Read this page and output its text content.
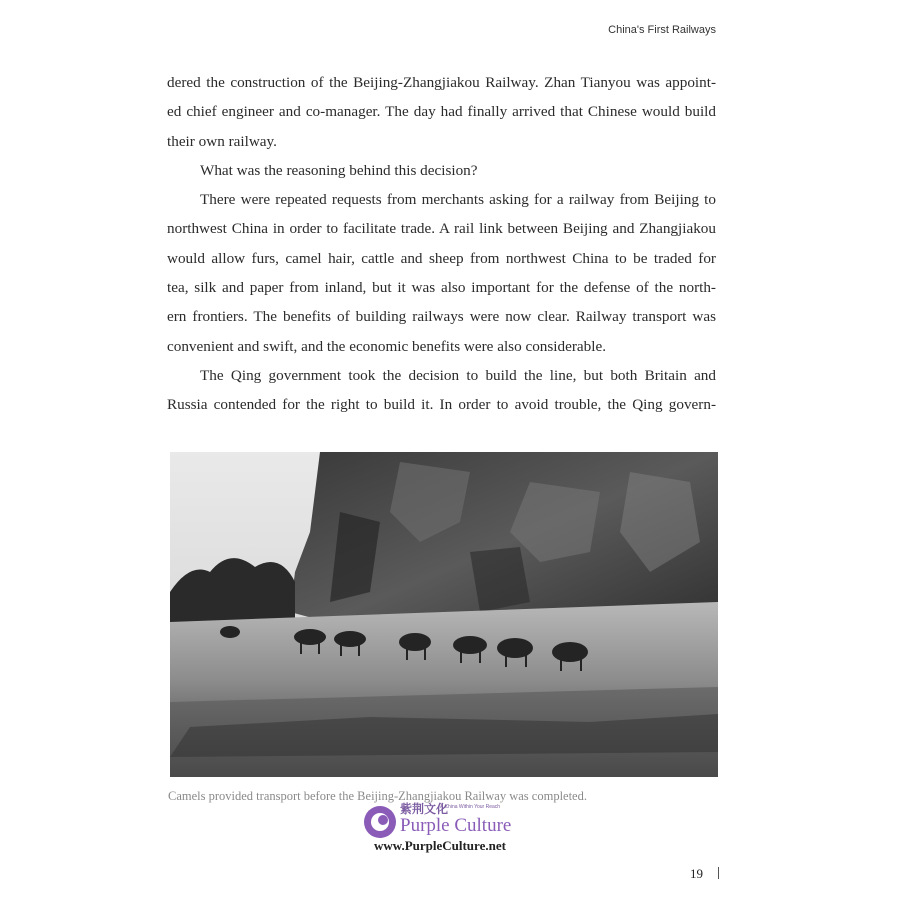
China's First Railways
dered the construction of the Beijing-Zhangjiakou Railway. Zhan Tianyou was appoint-
ed chief engineer and co-manager. The day had finally arrived that Chinese would build
their own railway.
What was the reasoning behind this decision?
There were repeated requests from merchants asking for a railway from Beijing to
northwest China in order to facilitate trade. A rail link between Beijing and Zhangjiakou
would allow furs, camel hair, cattle and sheep from northwest China to be traded for
tea, silk and paper from inland, but it was also important for the defense of the north-
ern frontiers. The benefits of building railways were now clear. Railway transport was
convenient and swift, and the economic benefits were also considerable.
The Qing government took the decision to build the line, but both Britain and
Russia contended for the right to build it. In order to avoid trouble, the Qing govern-
Camels provided transport before the Beijing-Zhangjiakou Railway was completed.
紫荆文化
A China Within Your Reach
Purple Culture
www.PurpleCulture.net
19
